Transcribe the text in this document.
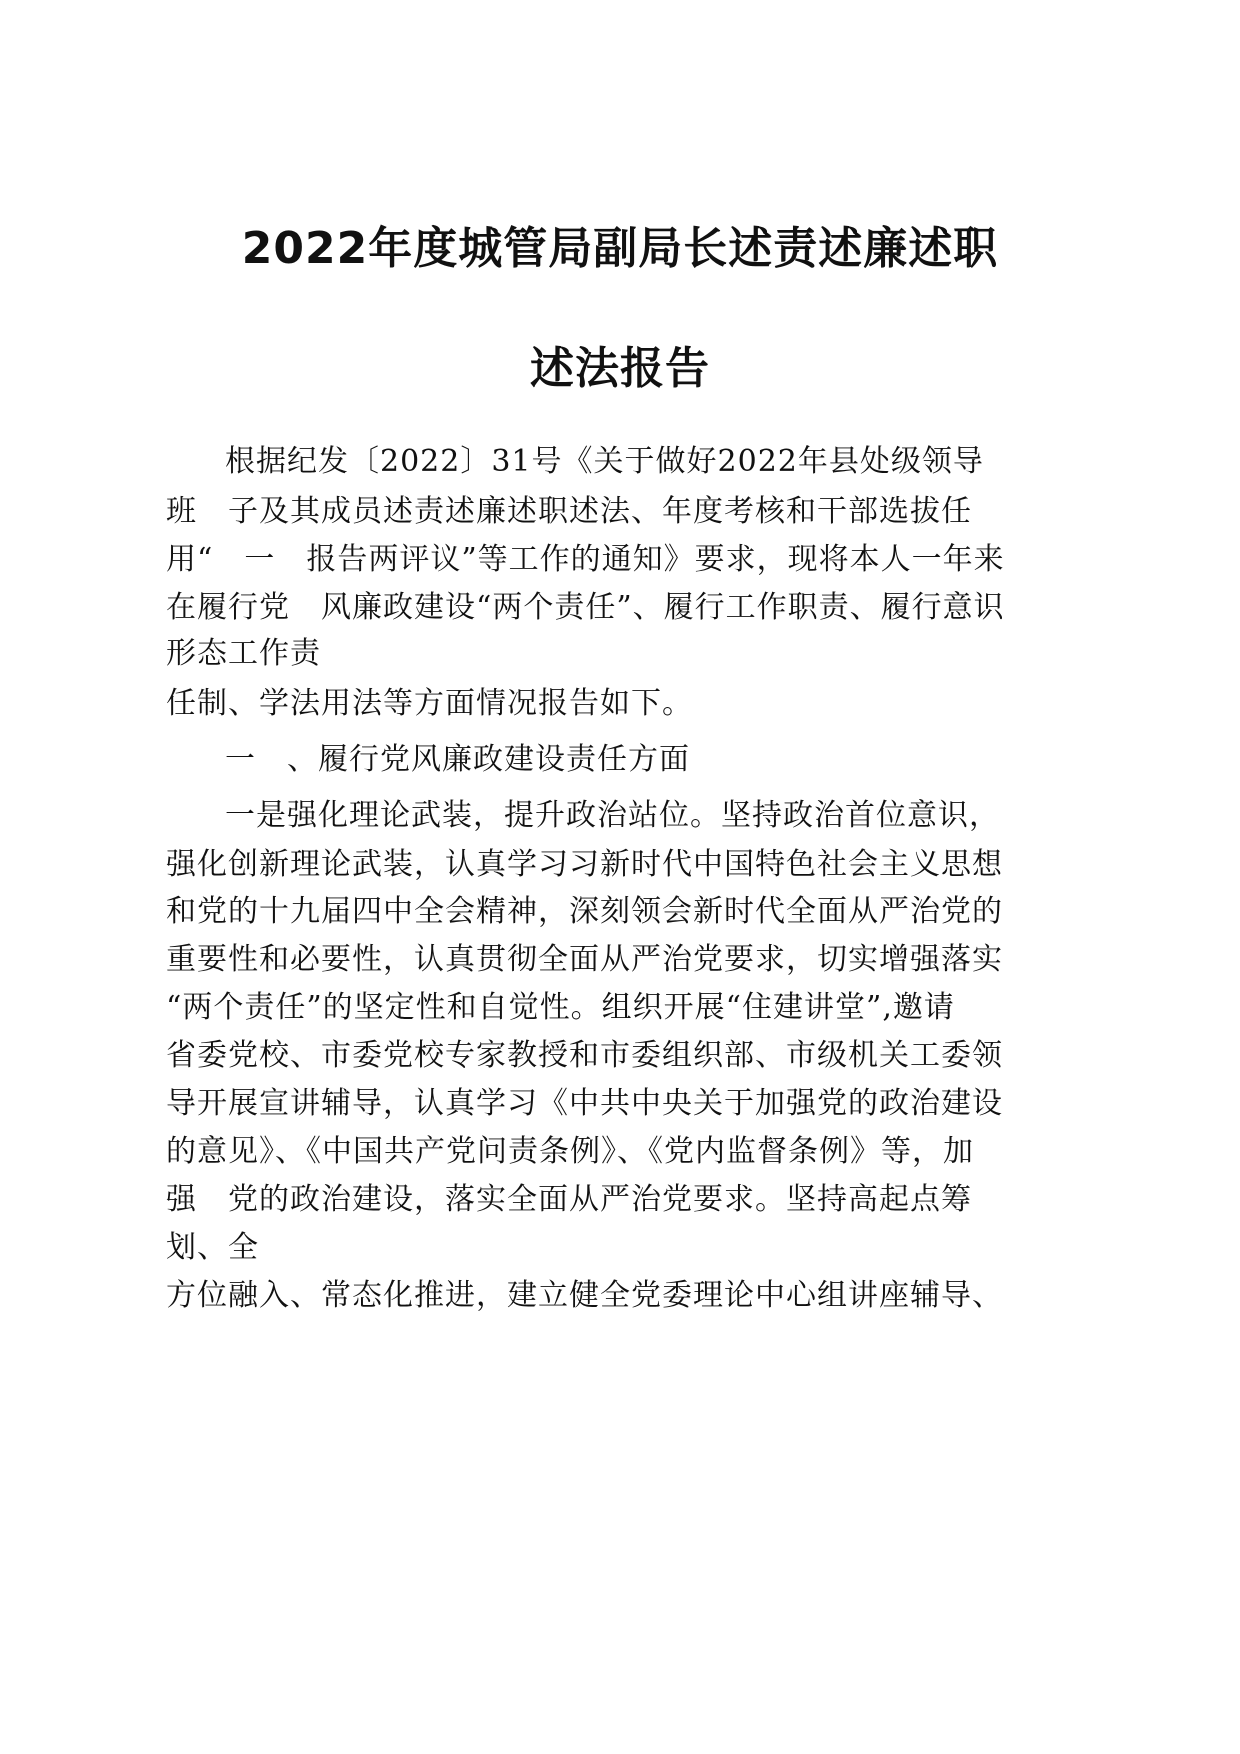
2022年度城管局副局长述责述廉述职
述法报告
根据纪发〔2022〕31号《关于做好2022年县处级领导
班　子及其成员述责述廉述职述法、年度考核和干部选拔任
用“　一　报告两评议”等工作的通知》要求，现将本人一年来
在履行党　风廉政建设“两个责任”、履行工作职责、履行意识
形态工作责
任制、学法用法等方面情况报告如下。
一　、履行党风廉政建设责任方面
一是强化理论武装，提升政治站位。坚持政治首位意识，
强化创新理论武装，认真学习习新时代中国特色社会主义思想
和党的十九届四中全会精神，深刻领会新时代全面从严治党的
重要性和必要性，认真贯彻全面从严治党要求，切实增强落实
“两个责任”的坚定性和自觉性。组织开展“住建讲堂”,邀请
省委党校、市委党校专家教授和市委组织部、市级机关工委领
导开展宣讲辅导，认真学习《中共中央关于加强党的政治建设
的意见》、《中国共产党问责条例》、《党内监督条例》等，加
强　党的政治建设，落实全面从严治党要求。坚持高起点筹
划、全
方位融入、常态化推进，建立健全党委理论中心组讲座辅导、
